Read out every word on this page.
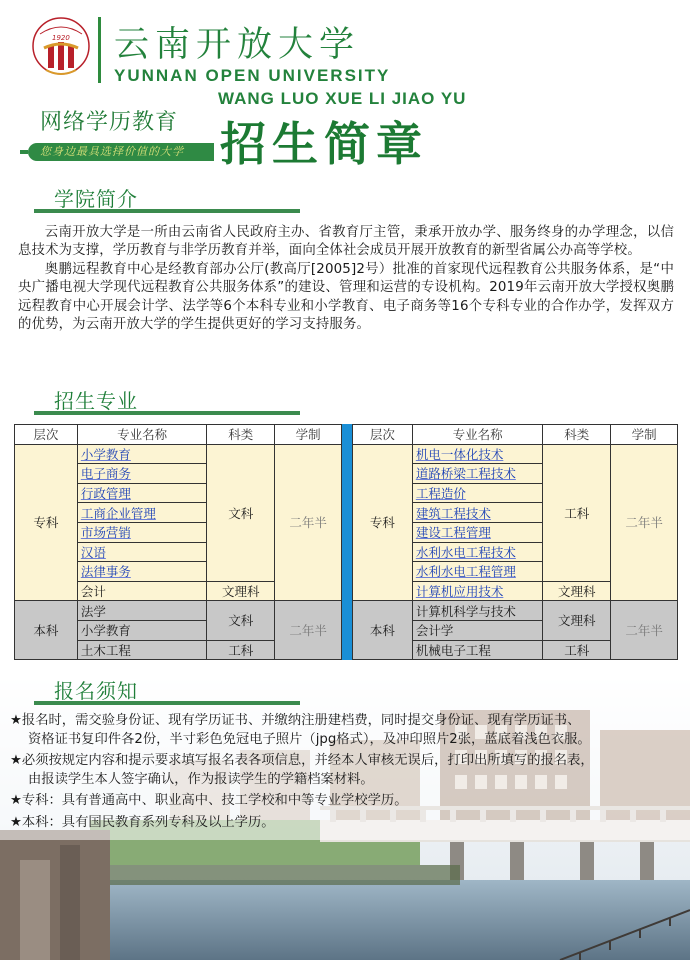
1920 云南开放大学
YUNNAN OPEN UNIVERSITY
WANG LUO XUE LI JIAO YU
网络学历教育
您身边最具选择价值的大学 招生简章
学院简介

云南开放大学是一所由云南省人民政府主办、省教育厅主管，秉承开放办学、服务终身的办学理念，以信息技术为支撑，学历教育与非学历教育并举，面向全体社会成员开展开放教育的新型省属公办高等学校。

奥鹏远程教育中心是经教育部办公厅(教高厅[2005]2号）批准的首家现代远程教育公共服务体系，是“中央广播电视大学现代远程教育公共服务体系”的建设、管理和运营的专设机构。2019年云南开放大学授权奥鹏远程教育中心开展会计学、法学等6个本科专业和小学教育、电子商务等16个专科专业的合作办学，发挥双方的优势，为云南开放大学的学生提供更好的学习支持服务。

招生专业
层次	专业名称	科类	学制
专科	小学教育	文科	二年半
	电子商务		
	行政管理		
	工商企业管理		
	市场营销		
	汉语		
	法律事务		
	会计	文理科	
本科	法学	文科	二年半
	小学教育		
	土木工程	工科	
层次	专业名称	科类	学制
专科	机电一体化技术	工科	二年半
	道路桥梁工程技术		
	工程造价		
	建筑工程技术		
	建设工程管理		
	水利水电工程技术		
	水利水电工程管理		
	计算机应用技术	文理科	
本科	计算机科学与技术	文理科	二年半
	会计学		
	机械电子工程	工科	
报名须知
★报名时，需交验身份证、现有学历证书、并缴纳注册建档费，同时提交身份证、现有学历证书、
资格证书复印件各2份，半寸彩色免冠电子照片（jpg格式），及冲印照片2张，蓝底着浅色衣服。
★必须按规定内容和提示要求填写报名表各项信息，并经本人审核无误后，打印出所填写的报名表，
由报读学生本人签字确认，作为报读学生的学籍档案材料。
★专科：具有普通高中、职业高中、技工学校和中等专业学校学历。
★本科：具有国民教育系列专科及以上学历。
